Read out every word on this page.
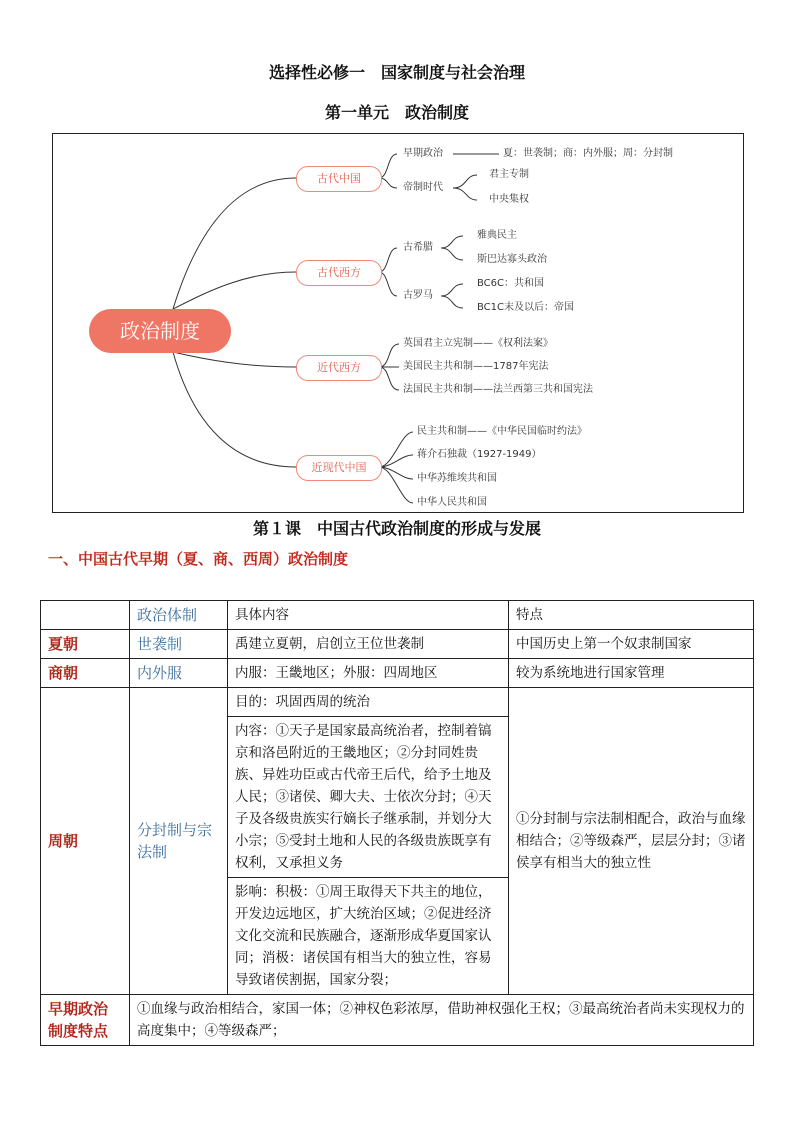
选择性必修一　国家制度与社会治理
第一单元　政治制度
政治制度
古代中国
古代西方
近代西方
近现代中国
早期政治	夏：世袭制；商：内外服；周：分封制
帝制时代
君主专制
中央集权
古希腊
雅典民主
斯巴达寡头政治
古罗马
BC6C：共和国
BC1C末及以后：帝国
英国君主立宪制——《权利法案》
美国民主共和制——1787年宪法
法国民主共和制——法兰西第三共和国宪法
民主共和制——《中华民国临时约法》
蒋介石独裁（1927-1949）
中华苏维埃共和国
中华人民共和国
第１课　中国古代政治制度的形成与发展
一、中国古代早期（夏、商、西周）政治制度
	政治体制	具体内容	特点
夏朝	世袭制	禹建立夏朝，启创立王位世袭制	中国历史上第一个奴隶制国家
商朝	内外服	内服：王畿地区；外服：四周地区	较为系统地进行国家管理
周朝	分封制与宗法制	目的：巩固西周的统治
内容：①天子是国家最高统治者，控制着镐京和洛邑附近的王畿地区；②分封同姓贵族、异姓功臣或古代帝王后代，给予土地及人民；③诸侯、卿大夫、士依次分封；④天子及各级贵族实行嫡长子继承制，并划分大小宗；⑤受封土地和人民的各级贵族既享有权利，又承担义务
影响：积极：①周王取得天下共主的地位，开发边远地区，扩大统治区域；②促进经济文化交流和民族融合，逐渐形成华夏国家认同；消极：诸侯国有相当大的独立性，容易导致诸侯割据，国家分裂；	①分封制与宗法制相配合，政治与血缘相结合；②等级森严，层层分封；③诸侯享有相当大的独立性
早期政治制度特点	①血缘与政治相结合，家国一体；②神权色彩浓厚，借助神权强化王权；③最高统治者尚未实现权力的高度集中；④等级森严；		
